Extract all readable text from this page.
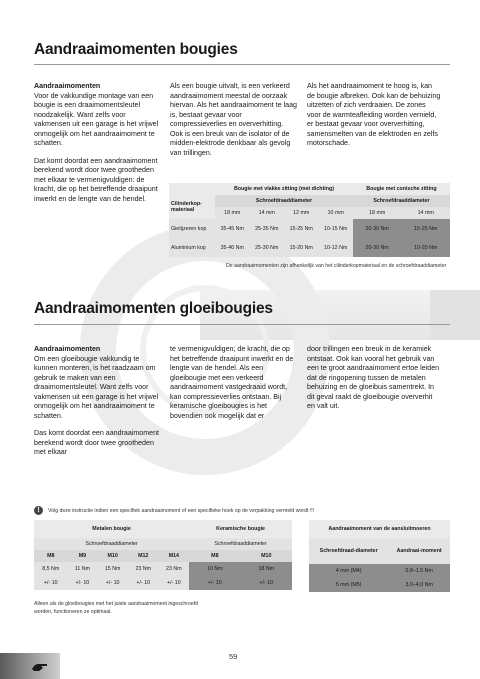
Aandraaimomenten bougies
Aandraaimomenten

Voor de vakkundige montage van een bougie is een draaimomentsleutel noodzakelijk. Want zelfs voor vakmensen uit een garage is het vrijwel onmogelijk om het aandraaimoment te schatten.

Dat komt doordat een aandraaimoment berekend wordt door twee grootheden met elkaar te vermenigvuldigen: de kracht, die op het betreffende draaipunt inwerkt en de lengte van de hendel.

Als een bougie uitvalt, is een verkeerd aandraaimoment meestal de oorzaak hiervan. Als het aandraaimoment te laag is, bestaat gevaar voor compressieverlies en oververhitting. Ook is een breuk van de isolator of de midden-elektrode denkbaar als gevolg van trillingen.

Als het aandraaimoment te hoog is, kan de bougie afbreken. Ook kan de behuizing uitzetten of zich verdraaien. De zones voor de warmteafleiding worden vernield, er bestaat gevaar voor oververhitting, samensmelten van de elektroden en zelfs motorschade.

	Bougie met vlakke zitting (met dichting)				Bougie met conische zitting	
Cilinderkop-materiaal	Schroefdraaddiameter				Schroefdraaddiameter	
	18 mm	14 mm	12 mm	10 mm	18 mm	14 mm
Gietijzeren kop	35-45 Nm	25-35 Nm	15-25 Nm	10-15 Nm	20-30 Nm	15-25 Nm
Aluminium kop	35-40 Nm	25-30 Nm	15-20 Nm	10-12 Nm	20-30 Nm	10-20 Nm
De aandraaimomenten zijn afhankelijk van het cilinderkopmateriaal en de schroefdraaddiameter
Aandraaimomenten gloeibougies
Aandraaimomenten

Om een gloeibougie vakkundig te kunnen monteren, is het raadzaam om gebruik te maken van een draaimomentsleutel. Want zelfs voor vakmensen uit een garage is het vrijwel onmogelijk om het aandraaimoment te schatten.

Das komt doordat een aandraaimoment berekend wordt door twee grootheden met elkaar

te vermenigvuldigen; de kracht, die op het betreffende draaipunt inwerkt en de lengte van de hendel. Als een gloeibougie met een verkeerd aandraaimoment vastgedraaid wordt, kan compressieverlies ontstaan. Bij keramische gloeibougies is het bovendien ook mogelijk dat er

door trillingen een breuk in de keramiek ontstaat. Ook kan vooral het gebruik van een te groot aandraaimoment ertoe leiden dat de ringopening tussen de metalen behuizing en de gloeibuis samentrekt. In dit geval raakt de gloeibougie oververhit en valt uit.

!	Volg deze instructie indien een specifiek aandraaimoment of een specifieke hoek op de verpakking vermeld wordt !!!
Metalen bougie					Keramische bougie	
Schroefdraaddiameter					Schroefdraaddiameter	
M8	M9	M10	M12	M14	M8	M10
8,5 Nm	11 Nm	15 Nm	23 Nm	23 Nm	10 Nm	18 Nm
+/- 10	+/- 10	+/- 10	+/- 10	+/- 10	+/- 10	+/- 10
Aandraaimoment van de aansluitmoeren	
Schroefdraad-diameter	Aandraai-moment
4 mm (M4)	0,8–1,5 Nm
5 mm (M5)	3,0–4,0 Nm
Alleen als de gloeibougies met het juiste aandraaimoment ingeschroefd worden, functioneren ze optimaal.
59
